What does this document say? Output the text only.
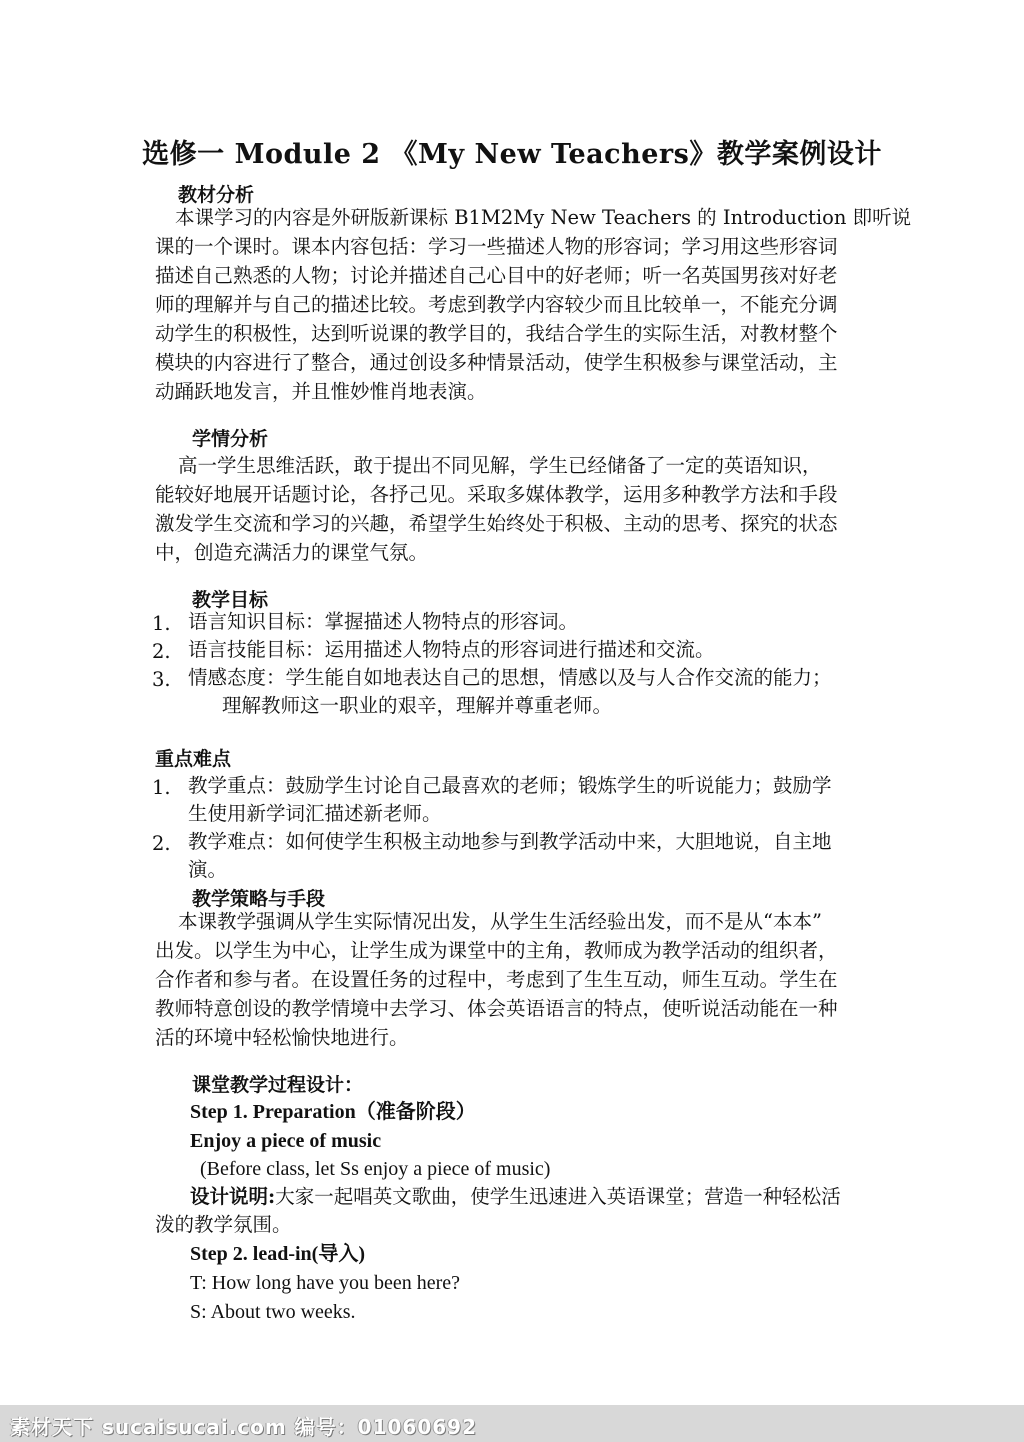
选修一 Module 2 《My New Teachers》教学案例设计
教材分析
本课学习的内容是外研版新课标 B1M2My New Teachers 的 Introduction 即听说
课的一个课时。课本内容包括：学习一些描述人物的形容词；学习用这些形容词
描述自己熟悉的人物；讨论并描述自己心目中的好老师；听一名英国男孩对好老
师的理解并与自己的描述比较。考虑到教学内容较少而且比较单一，不能充分调
动学生的积极性，达到听说课的教学目的，我结合学生的实际生活，对教材整个
模块的内容进行了整合，通过创设多种情景活动，使学生积极参与课堂活动，主
动踊跃地发言，并且惟妙惟肖地表演。
学情分析
高一学生思维活跃，敢于提出不同见解，学生已经储备了一定的英语知识，
能较好地展开话题讨论，各抒己见。采取多媒体教学，运用多种教学方法和手段
激发学生交流和学习的兴趣，希望学生始终处于积极、主动的思考、探究的状态
中，创造充满活力的课堂气氛。
教学目标
1. 语言知识目标：掌握描述人物特点的形容词。
2. 语言技能目标：运用描述人物特点的形容词进行描述和交流。
3. 情感态度：学生能自如地表达自己的思想，情感以及与人合作交流的能力；
理解教师这一职业的艰辛，理解并尊重老师。
重点难点
1. 教学重点：鼓励学生讨论自己最喜欢的老师；锻炼学生的听说能力；鼓励学
生使用新学词汇描述新老师。
2. 教学难点：如何使学生积极主动地参与到教学活动中来，大胆地说，自主地
演。
教学策略与手段
本课教学强调从学生实际情况出发，从学生生活经验出发，而不是从“本本”
出发。以学生为中心，让学生成为课堂中的主角，教师成为教学活动的组织者，
合作者和参与者。在设置任务的过程中，考虑到了生生互动，师生互动。学生在
教师特意创设的教学情境中去学习、体会英语语言的特点，使听说活动能在一种
活的环境中轻松愉快地进行。
课堂教学过程设计：
Step 1. Preparation（准备阶段）
Enjoy a piece of music
(Before class, let Ss enjoy a piece of music)
设计说明:大家一起唱英文歌曲，使学生迅速进入英语课堂；营造一种轻松活
泼的教学氛围。
Step 2. lead-in(导入)
T: How long have you been here?
S: About two weeks.
素材天下 sucaisucai.com 编号：01060692
